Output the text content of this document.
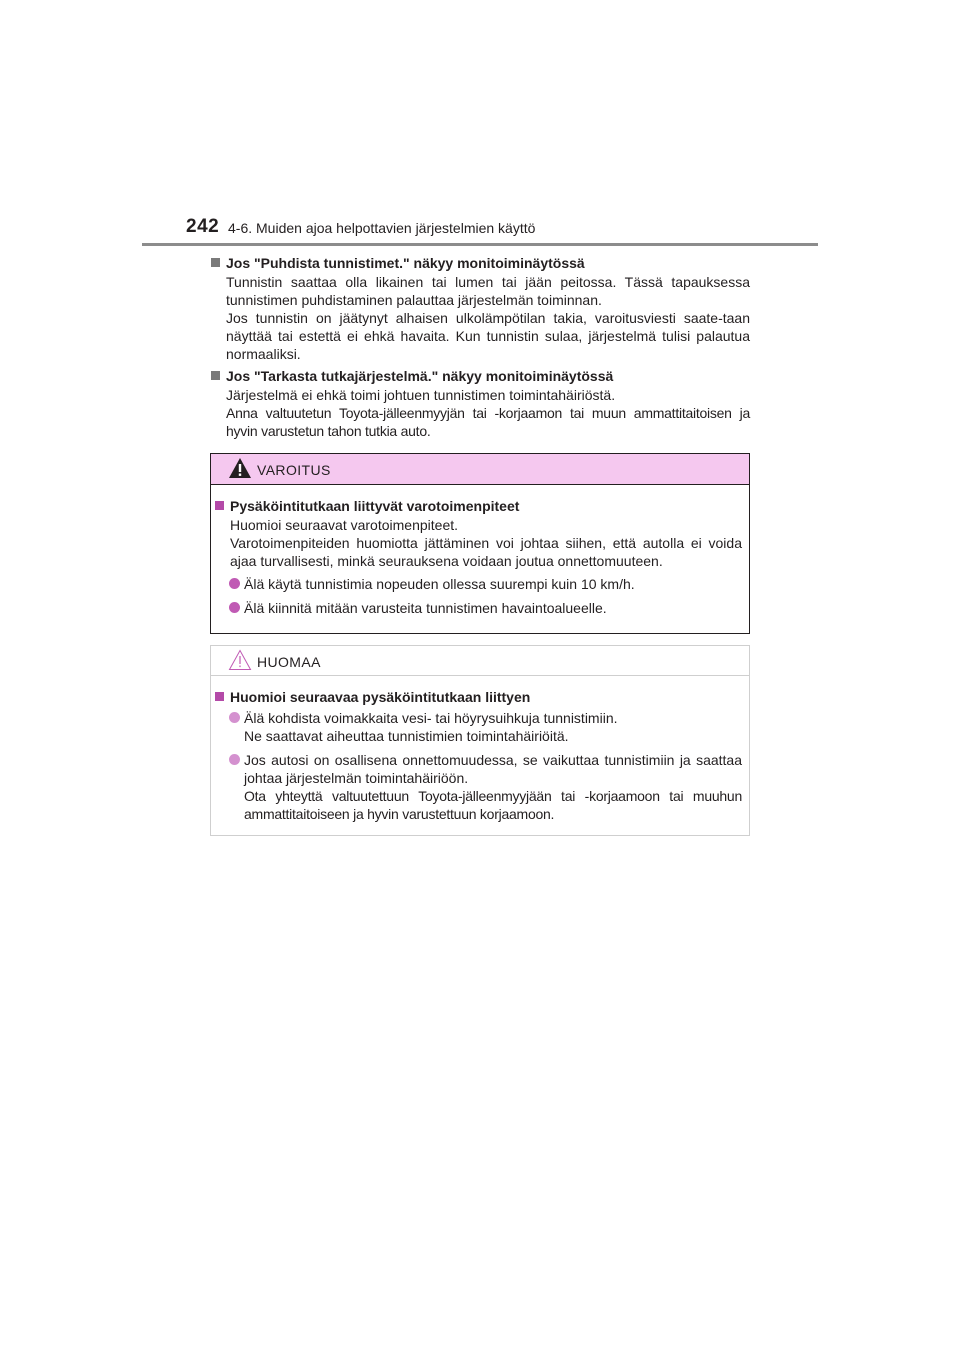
242 4-6. Muiden ajoa helpottavien järjestelmien käyttö
Jos "Puhdista tunnistimet." näkyy monitoiminäytössä
Tunnistin saattaa olla likainen tai lumen tai jään peitossa. Tässä tapauksessa tunnistimen puhdistaminen palauttaa järjestelmän toiminnan.
Jos tunnistin on jäätynyt alhaisen ulkolämpötilan takia, varoitusviesti saate-taan näyttää tai estettä ei ehkä havaita. Kun tunnistin sulaa, järjestelmä tulisi palautua normaaliksi.
Jos "Tarkasta tutkajärjestelmä." näkyy monitoiminäytössä
Järjestelmä ei ehkä toimi johtuen tunnistimen toimintahäiriöstä.
Anna valtuutetun Toyota-jälleenmyyjän tai -korjaamon tai muun ammattitaitoisen ja hyvin varustetun tahon tutkia auto.
VAROITUS
Pysäköintitutkaan liittyvät varotoimenpiteet
Huomioi seuraavat varotoimenpiteet.
Varotoimenpiteiden huomiotta jättäminen voi johtaa siihen, että autolla ei voida ajaa turvallisesti, minkä seurauksena voidaan joutua onnettomuuteen.
Älä käytä tunnistimia nopeuden ollessa suurempi kuin 10 km/h.
Älä kiinnitä mitään varusteita tunnistimen havaintoalueelle.
HUOMAA
Huomioi seuraavaa pysäköintitutkaan liittyen
Älä kohdista voimakkaita vesi- tai höyrysuihkuja tunnistimiin.
Ne saattavat aiheuttaa tunnistimien toimintahäiriöitä.
Jos autosi on osallisena onnettomuudessa, se vaikuttaa tunnistimiin ja saattaa johtaa järjestelmän toimintahäiriöön.
Ota yhteyttä valtuutettuun Toyota-jälleenmyyjään tai -korjaamoon tai muuhun ammattitaitoiseen ja hyvin varustettuun korjaamoon.
